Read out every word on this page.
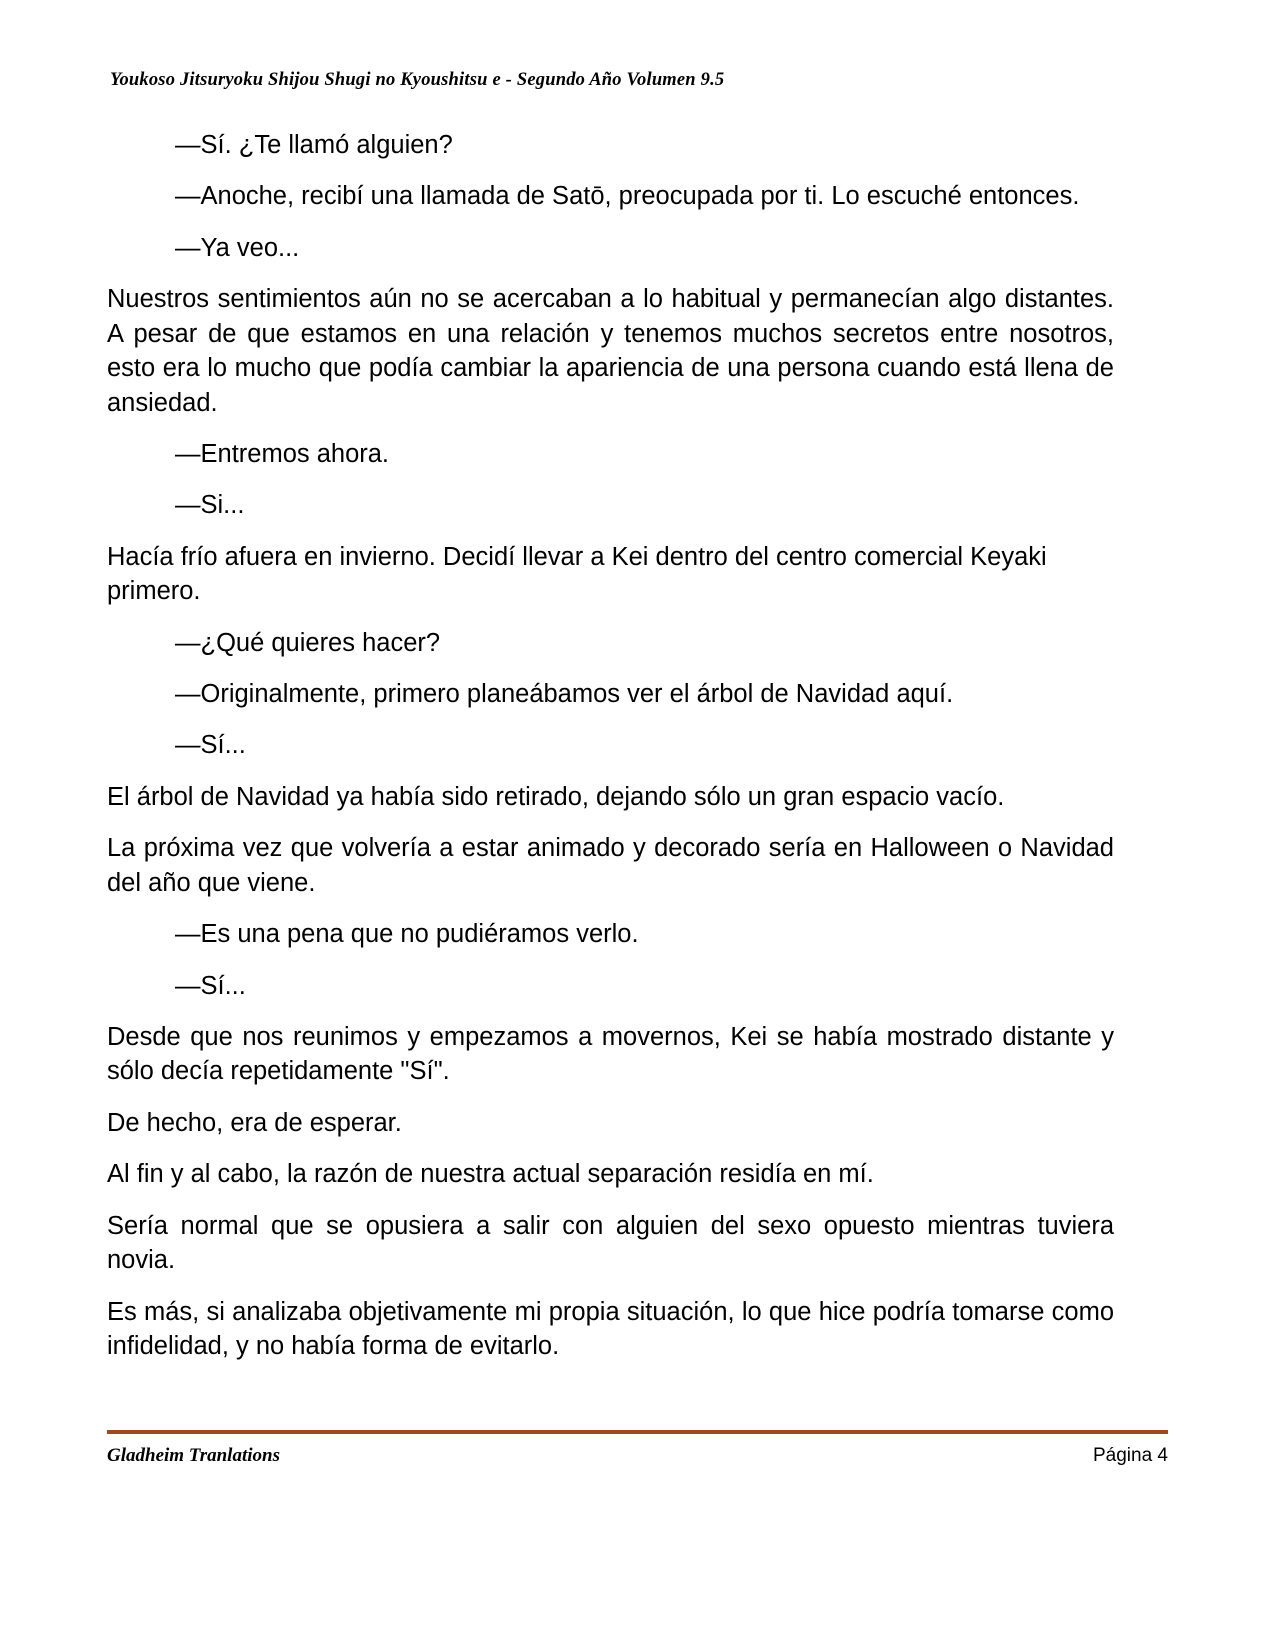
Youkoso Jitsuryoku Shijou Shugi no Kyoushitsu e - Segundo Año Volumen 9.5

—Sí. ¿Te llamó alguien?

—Anoche, recibí una llamada de Satō, preocupada por ti. Lo escuché entonces.

—Ya veo...

Nuestros sentimientos aún no se acercaban a lo habitual y permanecían algo distantes. A pesar de que estamos en una relación y tenemos muchos secretos entre nosotros, esto era lo mucho que podía cambiar la apariencia de una persona cuando está llena de ansiedad.

—Entremos ahora.

—Si...

Hacía frío afuera en invierno. Decidí llevar a Kei dentro del centro comercial Keyaki primero.

—¿Qué quieres hacer?

—Originalmente, primero planeábamos ver el árbol de Navidad aquí.

—Sí...

El árbol de Navidad ya había sido retirado, dejando sólo un gran espacio vacío.

La próxima vez que volvería a estar animado y decorado sería en Halloween o Navidad del año que viene.

—Es una pena que no pudiéramos verlo.

—Sí...

Desde que nos reunimos y empezamos a movernos, Kei se había mostrado distante y sólo decía repetidamente "Sí".

De hecho, era de esperar.

Al fin y al cabo, la razón de nuestra actual separación residía en mí.

Sería normal que se opusiera a salir con alguien del sexo opuesto mientras tuviera novia.

Es más, si analizaba objetivamente mi propia situación, lo que hice podría tomarse como infidelidad, y no había forma de evitarlo.

Gladheim Tranlations	Página 4
